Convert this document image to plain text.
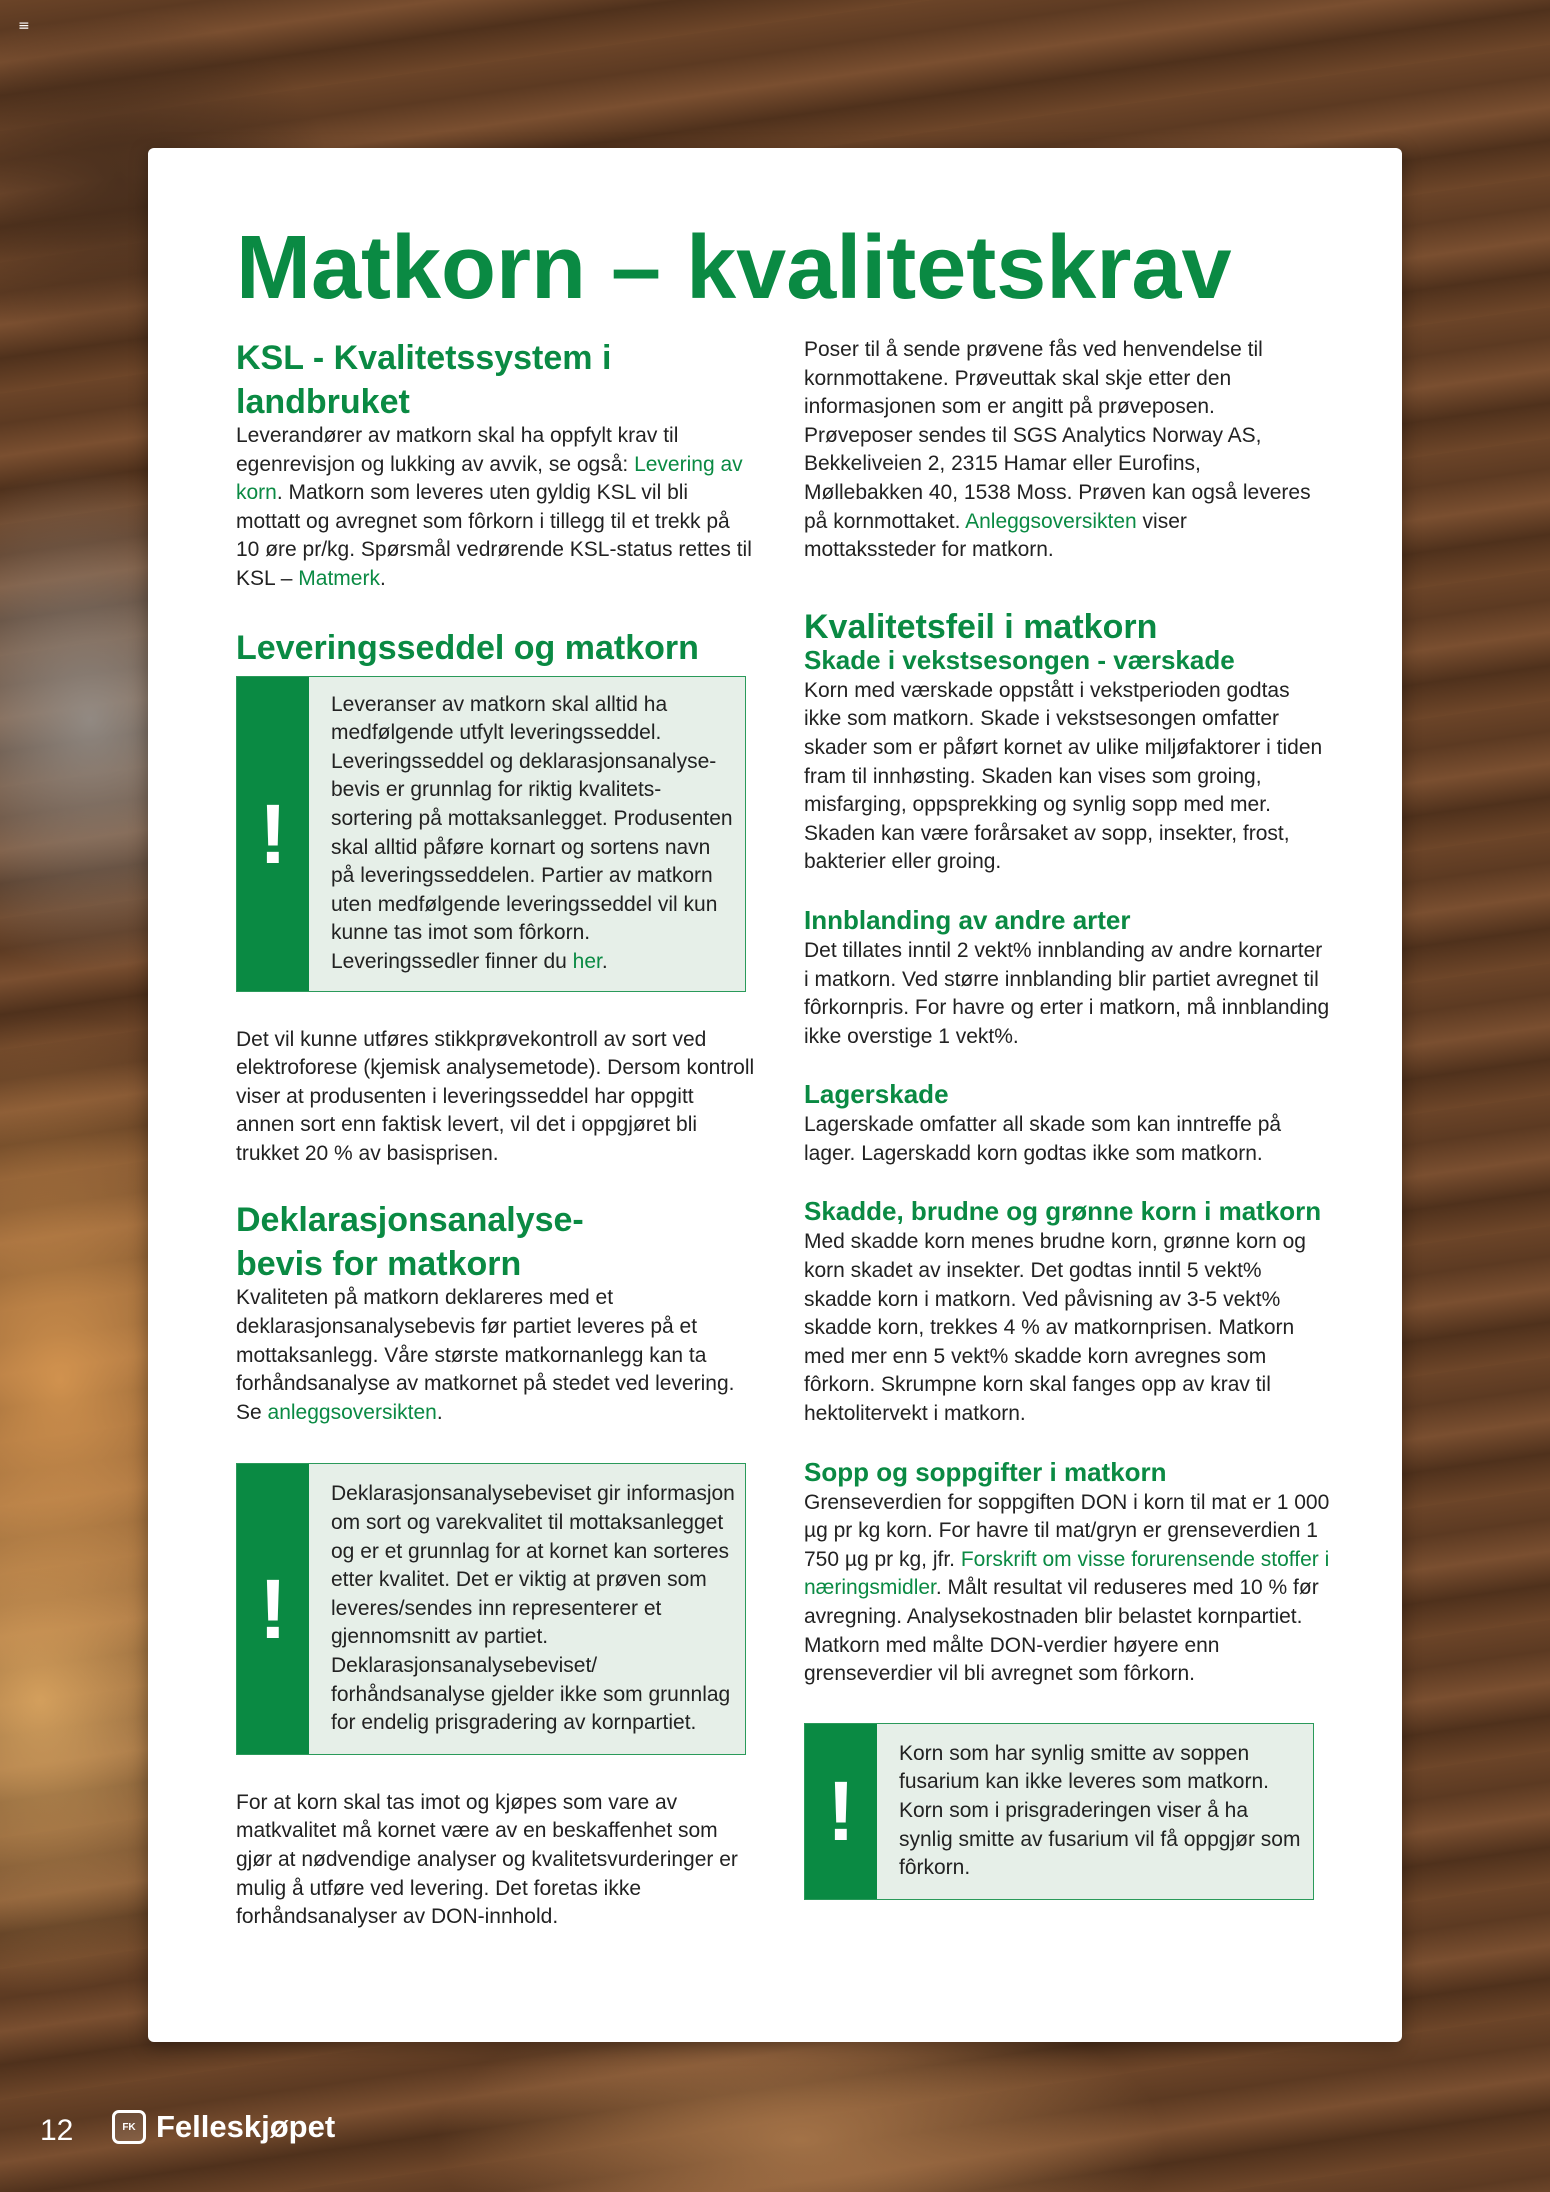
≡
Matkorn – kvalitetskrav
KSL - Kvalitetssystem i landbruket

Leverandører av matkorn skal ha oppfylt krav til egenrevisjon og lukking av avvik, se også: Levering av korn. Matkorn som leveres uten gyldig KSL vil bli mottatt og avregnet som fôrkorn i tillegg til et trekk på 10 øre pr/kg. Spørsmål vedrørende KSL-status rettes til KSL – Matmerk.

Leveringsseddel og matkorn
!
Leveranser av matkorn skal alltid ha medfølgende utfylt leveringsseddel. Leveringsseddel og deklarasjonsanalyse-bevis er grunnlag for riktig kvalitets-sortering på mottaksanlegget. Produsenten skal alltid påføre kornart og sortens navn på leveringsseddelen. Partier av matkorn uten medfølgende leveringsseddel vil kun kunne tas imot som fôrkorn. Leveringssedler finner du her.

Det vil kunne utføres stikkprøvekontroll av sort ved elektroforese (kjemisk analysemetode). Dersom kontroll viser at produsenten i leveringsseddel har oppgitt annen sort enn faktisk levert, vil det i oppgjøret bli trukket 20 % av basisprisen.

Deklarasjonsanalyse-bevis for matkorn

Kvaliteten på matkorn deklareres med et deklarasjonsanalysebevis før partiet leveres på et mottaksanlegg. Våre største matkornanlegg kan ta forhåndsanalyse av matkornet på stedet ved levering. Se anleggsoversikten.

!
Deklarasjonsanalysebeviset gir informasjon om sort og varekvalitet til mottaksanlegget og er et grunnlag for at kornet kan sorteres etter kvalitet. Det er viktig at prøven som leveres/sendes inn representerer et gjennomsnitt av partiet. Deklarasjonsanalysebeviset/ forhåndsanalyse gjelder ikke som grunnlag for endelig prisgradering av kornpartiet.

For at korn skal tas imot og kjøpes som vare av matkvalitet må kornet være av en beskaffenhet som gjør at nødvendige analyser og kvalitetsvurderinger er mulig å utføre ved levering. Det foretas ikke forhåndsanalyser av DON-innhold.

Poser til å sende prøvene fås ved henvendelse til kornmottakene. Prøveuttak skal skje etter den informasjonen som er angitt på prøveposen. Prøveposer sendes til SGS Analytics Norway AS, Bekkeliveien 2, 2315 Hamar eller Eurofins, Møllebakken 40, 1538 Moss. Prøven kan også leveres på kornmottaket. Anleggsoversikten viser mottakssteder for matkorn.

Kvalitetsfeil i matkorn
Skade i vekstsesongen - værskade

Korn med værskade oppstått i vekstperioden godtas ikke som matkorn. Skade i vekstsesongen omfatter skader som er påført kornet av ulike miljøfaktorer i tiden fram til innhøsting. Skaden kan vises som groing, misfarging, oppsprekking og synlig sopp med mer. Skaden kan være forårsaket av sopp, insekter, frost, bakterier eller groing.

Innblanding av andre arter

Det tillates inntil 2 vekt% innblanding av andre kornarter i matkorn. Ved større innblanding blir partiet avregnet til fôrkornpris. For havre og erter i matkorn, må innblanding ikke overstige 1 vekt%.

Lagerskade

Lagerskade omfatter all skade som kan inntreffe på lager. Lagerskadd korn godtas ikke som matkorn.

Skadde, brudne og grønne korn i matkorn

Med skadde korn menes brudne korn, grønne korn og korn skadet av insekter. Det godtas inntil 5 vekt% skadde korn i matkorn. Ved påvisning av 3-5 vekt% skadde korn, trekkes 4 % av matkornprisen. Matkorn med mer enn 5 vekt% skadde korn avregnes som fôrkorn. Skrumpne korn skal fanges opp av krav til hektolitervekt i matkorn.

Sopp og soppgifter i matkorn

Grenseverdien for soppgiften DON i korn til mat er 1 000 µg pr kg korn. For havre til mat/gryn er grenseverdien 1 750 µg pr kg, jfr. Forskrift om visse forurensende stoffer i næringsmidler. Målt resultat vil reduseres med 10 % før avregning. Analysekostnaden blir belastet kornpartiet. Matkorn med målte DON-verdier høyere enn grenseverdier vil bli avregnet som fôrkorn.

!
Korn som har synlig smitte av soppen fusarium kan ikke leveres som matkorn. Korn som i prisgraderingen viser å ha synlig smitte av fusarium vil få oppgjør som fôrkorn.
12	FK Felleskjøpet
